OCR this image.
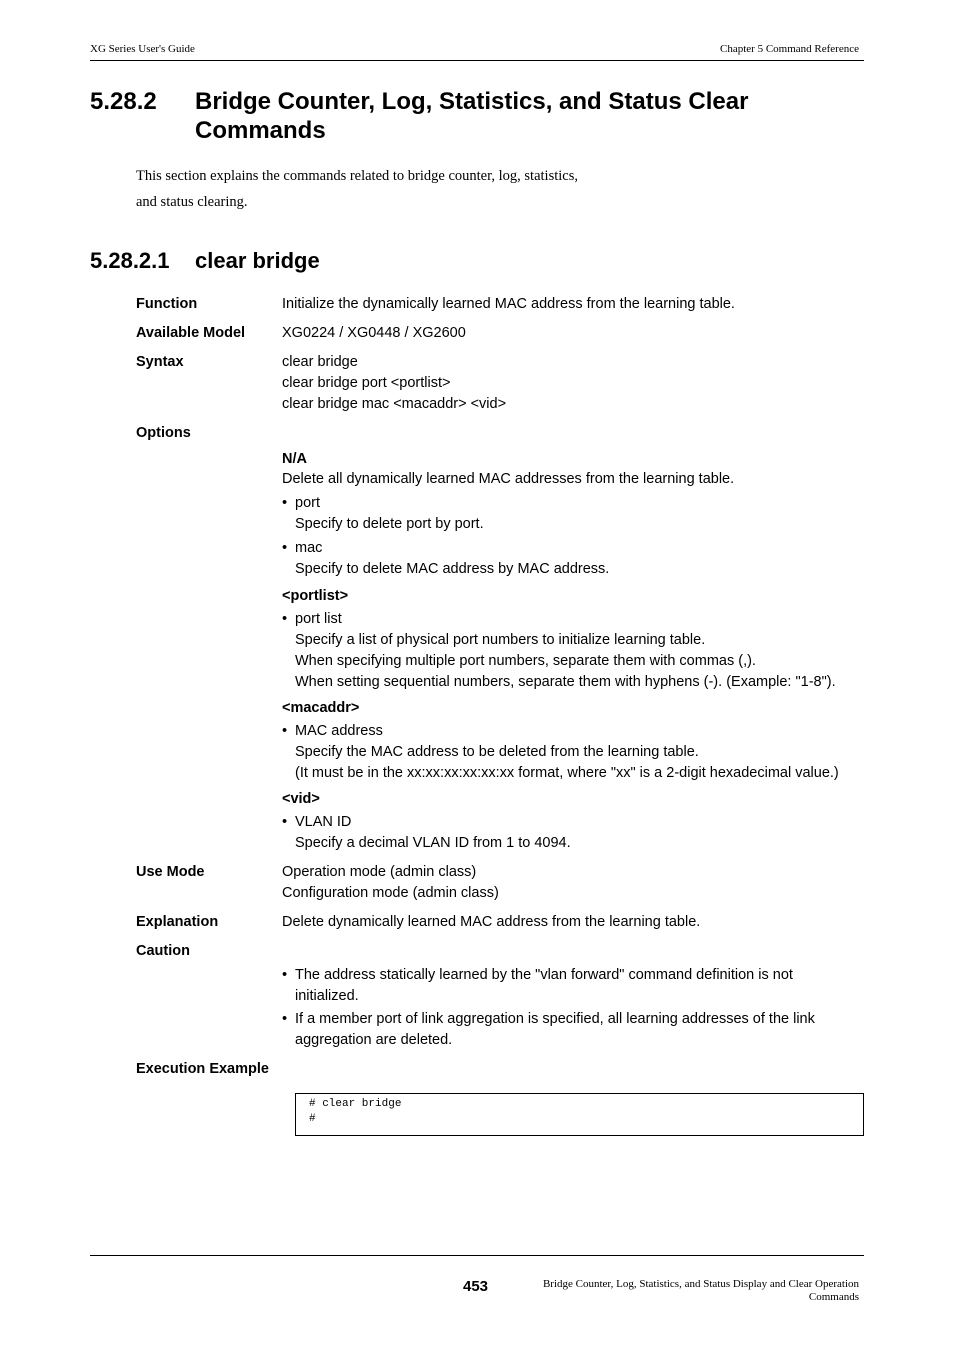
XG Series User's Guide	Chapter 5 Command Reference
5.28.2	Bridge Counter, Log, Statistics, and Status Clear Commands
This section explains the commands related to bridge counter, log, statistics,
and status clearing.
5.28.2.1 clear bridge
Function	Initialize the dynamically learned MAC address from the learning table.
Available Model	XG0224 / XG0448 / XG2600
Syntax	clear bridge
clear bridge port <portlist>
clear bridge mac <macaddr> <vid>
Options
N/A
Delete all dynamically learned MAC addresses from the learning table.
• port
Specify to delete port by port.
• mac
Specify to delete MAC address by MAC address.
<portlist>
• port list
Specify a list of physical port numbers to initialize learning table.
When specifying multiple port numbers, separate them with commas (,).
When setting sequential numbers, separate them with hyphens (-). (Example: "1-8").
<macaddr>
• MAC address
Specify the MAC address to be deleted from the learning table.
(It must be in the xx:xx:xx:xx:xx:xx format, where "xx" is a 2-digit hexadecimal value.)
<vid>
• VLAN ID
Specify a decimal VLAN ID from 1 to 4094.
Use Mode	Operation mode (admin class)
Configuration mode (admin class)
Explanation	Delete dynamically learned MAC address from the learning table.
Caution
• The address statically learned by the "vlan forward" command definition is not initialized.
• If a member port of link aggregation is specified, all learning addresses of the link aggregation are deleted.
Execution Example
# clear bridge
#
453	Bridge Counter, Log, Statistics, and Status Display and Clear Operation
Commands
